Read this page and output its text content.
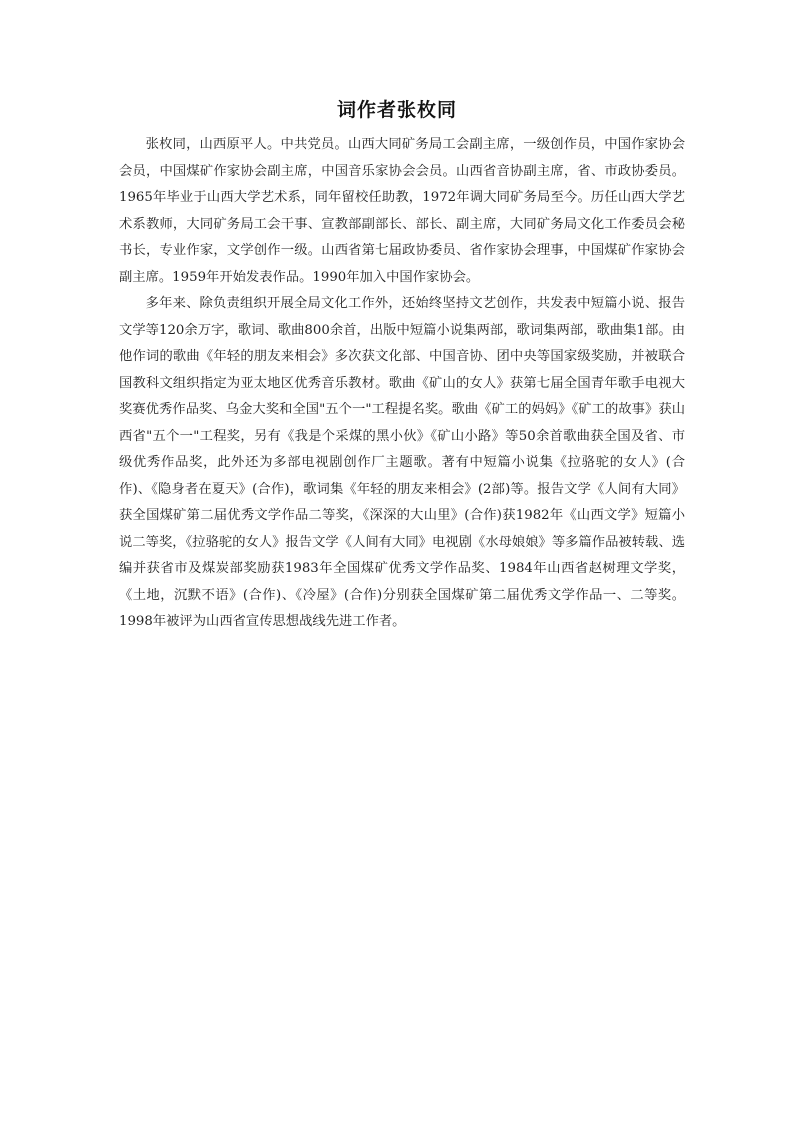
词作者张枚同

张枚同，山西原平人。中共党员。山西大同矿务局工会副主席，一级创作员，中国作家协会会员，中国煤矿作家协会副主席，中国音乐家协会会员。山西省音协副主席，省、市政协委员。1965年毕业于山西大学艺术系，同年留校任助教，1972年调大同矿务局至今。历任山西大学艺术系教师，大同矿务局工会干事、宣教部副部长、部长、副主席，大同矿务局文化工作委员会秘书长，专业作家，文学创作一级。山西省第七届政协委员、省作家协会理事，中国煤矿作家协会副主席。1959年开始发表作品。1990年加入中国作家协会。

多年来、除负责组织开展全局文化工作外，还始终坚持文艺创作，共发表中短篇小说、报告文学等120余万字，歌词、歌曲800余首，出版中短篇小说集两部，歌词集两部，歌曲集1部。由他作词的歌曲《年轻的朋友来相会》多次获文化部、中国音协、团中央等国家级奖励，并被联合国教科文组织指定为亚太地区优秀音乐教材。歌曲《矿山的女人》获第七届全国青年歌手电视大奖赛优秀作品奖、乌金大奖和全国"五个一"工程提名奖。歌曲《矿工的妈妈》《矿工的故事》获山西省"五个一"工程奖，另有《我是个采煤的黑小伙》《矿山小路》等50余首歌曲获全国及省、市级优秀作品奖，此外还为多部电视剧创作厂主题歌。著有中短篇小说集《拉骆驼的女人》(合作)、《隐身者在夏天》(合作)，歌词集《年轻的朋友来相会》(2部)等。报告文学《人间有大同》获全国煤矿第二届优秀文学作品二等奖，《深深的大山里》(合作)获1982年《山西文学》短篇小说二等奖，《拉骆驼的女人》报告文学《人间有大同》电视剧《水母娘娘》等多篇作品被转载、选编并获省市及煤炭部奖励获1983年全国煤矿优秀文学作品奖、1984年山西省赵树理文学奖，《土地，沉默不语》(合作)、《冷屋》(合作)分别获全国煤矿第二届优秀文学作品一、二等奖。1998年被评为山西省宣传思想战线先进工作者。
